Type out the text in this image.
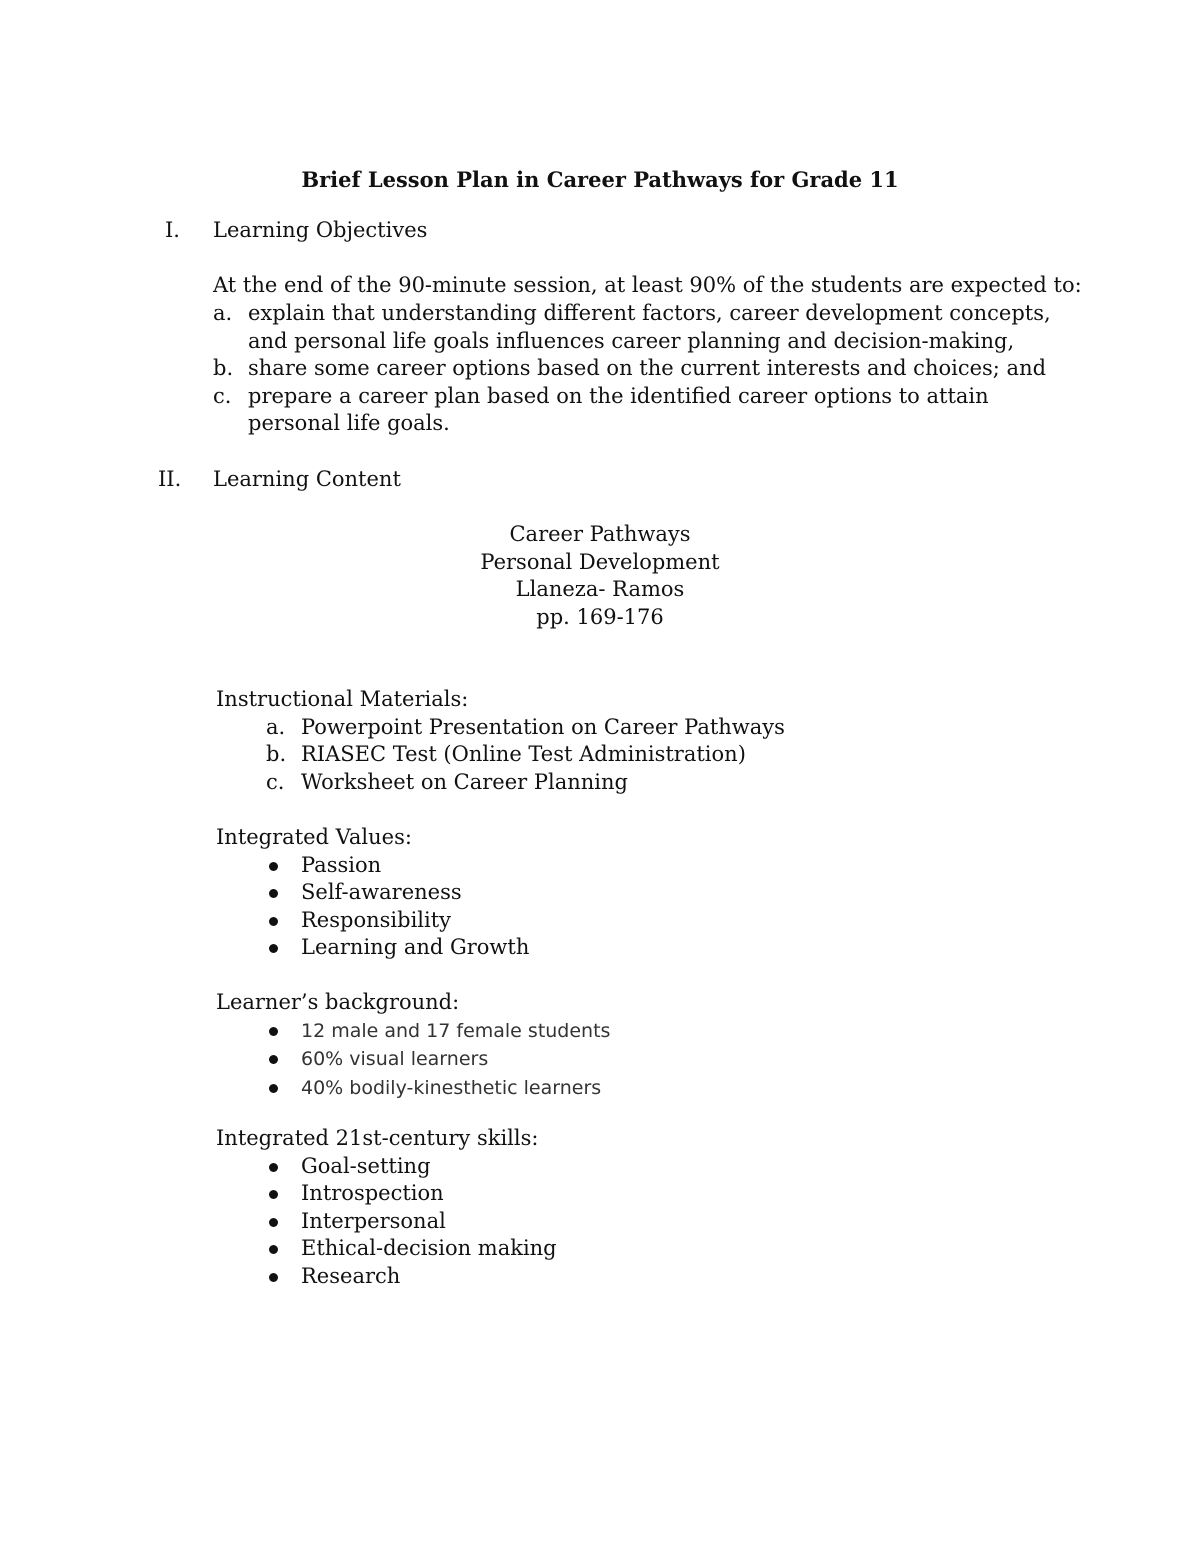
Brief Lesson Plan in Career Pathways for Grade 11
I. Learning Objectives
At the end of the 90-minute session, at least 90% of the students are expected to:
a. explain that understanding different factors, career development concepts, and personal life goals influences career planning and decision-making,
b. share some career options based on the current interests and choices; and
c. prepare a career plan based on the identified career options to attain personal life goals.
II. Learning Content
Career Pathways
Personal Development
Llaneza- Ramos
pp. 169-176
Instructional Materials:
a. Powerpoint Presentation on Career Pathways
b. RIASEC Test (Online Test Administration)
c. Worksheet on Career Planning
Integrated Values:
Passion
Self-awareness
Responsibility
Learning and Growth
Learner’s background:
12 male and 17 female students
60% visual learners
40% bodily-kinesthetic learners
Integrated 21st-century skills:
Goal-setting
Introspection
Interpersonal
Ethical-decision making
Research
